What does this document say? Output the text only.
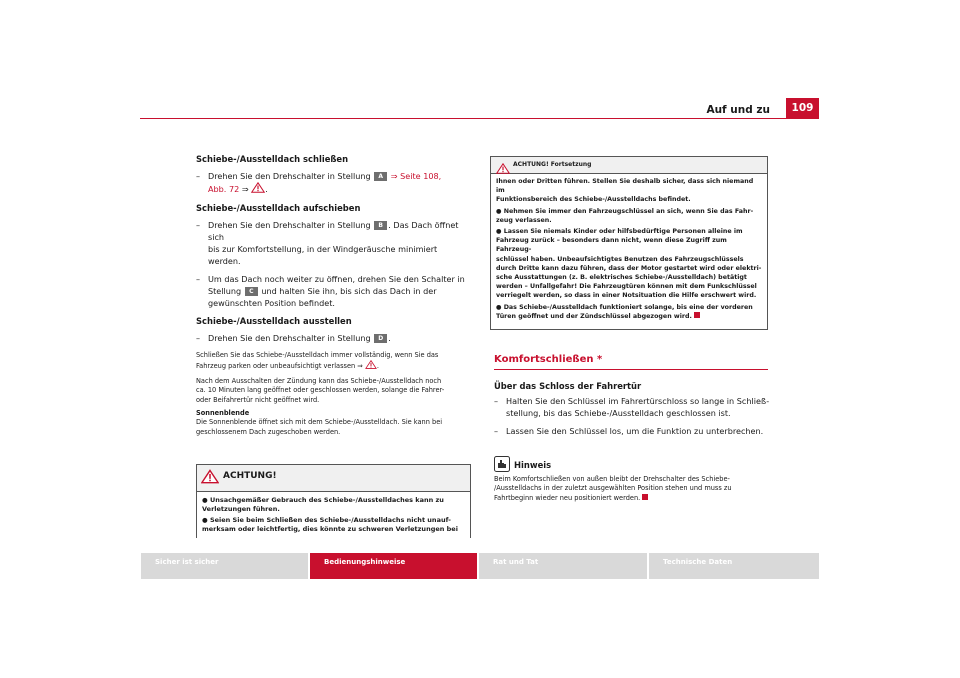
Auf und zu	109
Schiebe-/Ausstelldach schließen
– Drehen Sie den Drehschalter in Stellung A ⇒ Seite 108,
Abb. 72 ⇒ .
Schiebe-/Ausstelldach aufschieben
– Drehen Sie den Drehschalter in Stellung B . Das Dach öffnet sich
bis zur Komfortstellung, in der Windgeräusche minimiert
werden.
– Um das Dach noch weiter zu öffnen, drehen Sie den Schalter in
Stellung C und halten Sie ihn, bis sich das Dach in der
gewünschten Position befindet.
Schiebe-/Ausstelldach ausstellen
– Drehen Sie den Drehschalter in Stellung D .
Schließen Sie das Schiebe-/Ausstelldach immer vollständig, wenn Sie das
Fahrzeug parken oder unbeaufsichtigt verlassen ⇒ .
Nach dem Ausschalten der Zündung kann das Schiebe-/Ausstelldach noch
ca. 10 Minuten lang geöffnet oder geschlossen werden, solange die Fahrer-
oder Beifahrertür nicht geöffnet wird.
Sonnenblende
Die Sonnenblende öffnet sich mit dem Schiebe-/Ausstelldach. Sie kann bei
geschlossenem Dach zugeschoben werden.
ACHTUNG!
● Unsachgemäßer Gebrauch des Schiebe-/Ausstelldaches kann zu
Verletzungen führen.
● Seien Sie beim Schließen des Schiebe-/Ausstelldachs nicht unauf-
merksam oder leichtfertig, dies könnte zu schweren Verletzungen bei
ACHTUNG! Fortsetzung
Ihnen oder Dritten führen. Stellen Sie deshalb sicher, dass sich niemand im
Funktionsbereich des Schiebe-/Ausstelldachs befindet.
● Nehmen Sie immer den Fahrzeugschlüssel an sich, wenn Sie das Fahr-
zeug verlassen.
● Lassen Sie niemals Kinder oder hilfsbedürftige Personen alleine im
Fahrzeug zurück – besonders dann nicht, wenn diese Zugriff zum Fahrzeug-
schlüssel haben. Unbeaufsichtigtes Benutzen des Fahrzeugschlüssels
durch Dritte kann dazu führen, dass der Motor gestartet wird oder elektri-
sche Ausstattungen (z. B. elektrisches Schiebe-/Ausstelldach) betätigt
werden – Unfallgefahr! Die Fahrzeugtüren können mit dem Funkschlüssel
verriegelt werden, so dass in einer Notsituation die Hilfe erschwert wird.
● Das Schiebe-/Ausstelldach funktioniert solange, bis eine der vorderen
Türen geöffnet und der Zündschlüssel abgezogen wird.
Komfortschließen *
Über das Schloss der Fahrertür
– Halten Sie den Schlüssel im Fahrertürschloss so lange in Schließ-
stellung, bis das Schiebe-/Ausstelldach geschlossen ist.
– Lassen Sie den Schlüssel los, um die Funktion zu unterbrechen.
Hinweis
Beim Komfortschließen von außen bleibt der Drehschalter des Schiebe-
/Ausstelldachs in der zuletzt ausgewählten Position stehen und muss zu
Fahrtbeginn wieder neu positioniert werden.
Sicher ist sicher	Bedienungshinweise	Rat und Tat	Technische Daten
